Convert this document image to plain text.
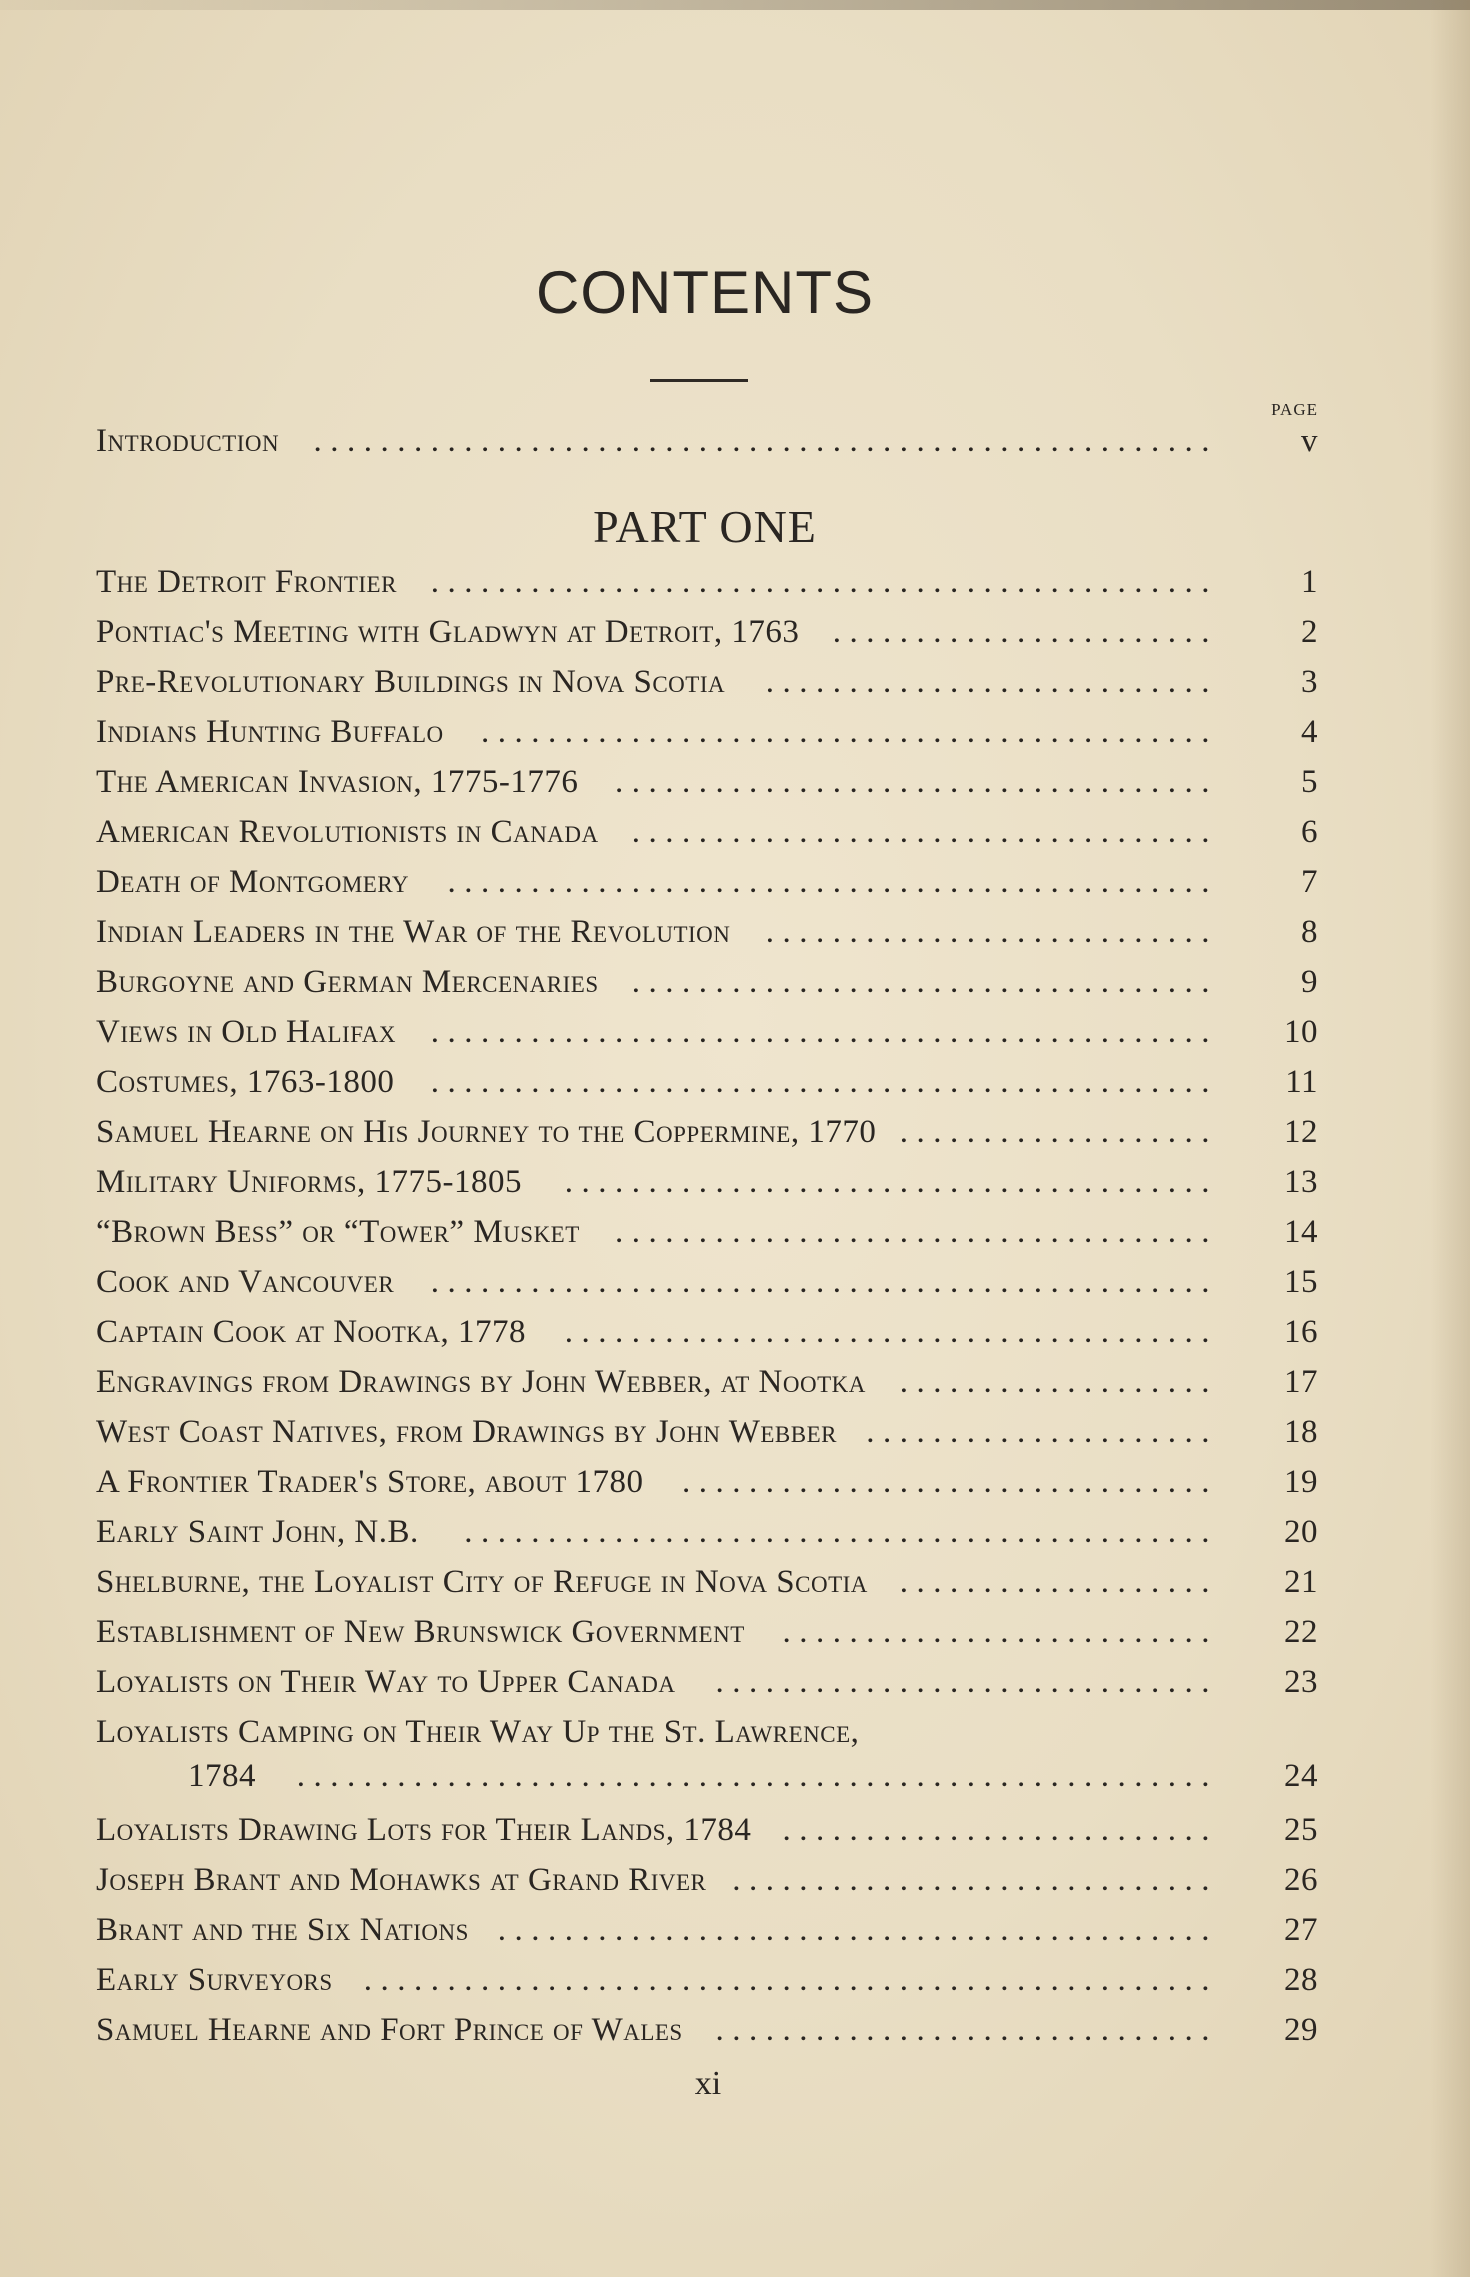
CONTENTS
PAGE
Introduction ......................................................	v
PART ONE
The Detroit Frontier ...............................................	1
Pontiac's Meeting with Gladwyn at Detroit, 1763 .......................	2
Pre-Revolutionary Buildings in Nova Scotia ...........................	3
Indians Hunting Buffalo ............................................	4
The American Invasion, 1775-1776 ....................................	5
American Revolutionists in Canada ...................................	6
Death of Montgomery ..............................................	7
Indian Leaders in the War of the Revolution ...........................	8
Burgoyne and German Mercenaries ...................................	9
Views in Old Halifax ...............................................	10
Costumes, 1763-1800 ...............................................	11
Samuel Hearne on His Journey to the Coppermine, 1770 ...................	12
Military Uniforms, 1775-1805 .......................................	13
“Brown Bess” or “Tower” Musket ....................................	14
Cook and Vancouver ...............................................	15
Captain Cook at Nootka, 1778 .......................................	16
Engravings from Drawings by John Webber, at Nootka ...................	17
West Coast Natives, from Drawings by John Webber .....................	18
A Frontier Trader's Store, about 1780 ................................	19
Early Saint John, N.B. .............................................	20
Shelburne, the Loyalist City of Refuge in Nova Scotia ...................	21
Establishment of New Brunswick Government ..........................	22
Loyalists on Their Way to Upper Canada ..............................	23
Loyalists Camping on Their Way Up the St. Lawrence,
1784 .......................................................	24
Loyalists Drawing Lots for Their Lands, 1784 ..........................	25
Joseph Brant and Mohawks at Grand River .............................	26
Brant and the Six Nations ...........................................	27
Early Surveyors ...................................................	28
Samuel Hearne and Fort Prince of Wales ..............................	29
xi
